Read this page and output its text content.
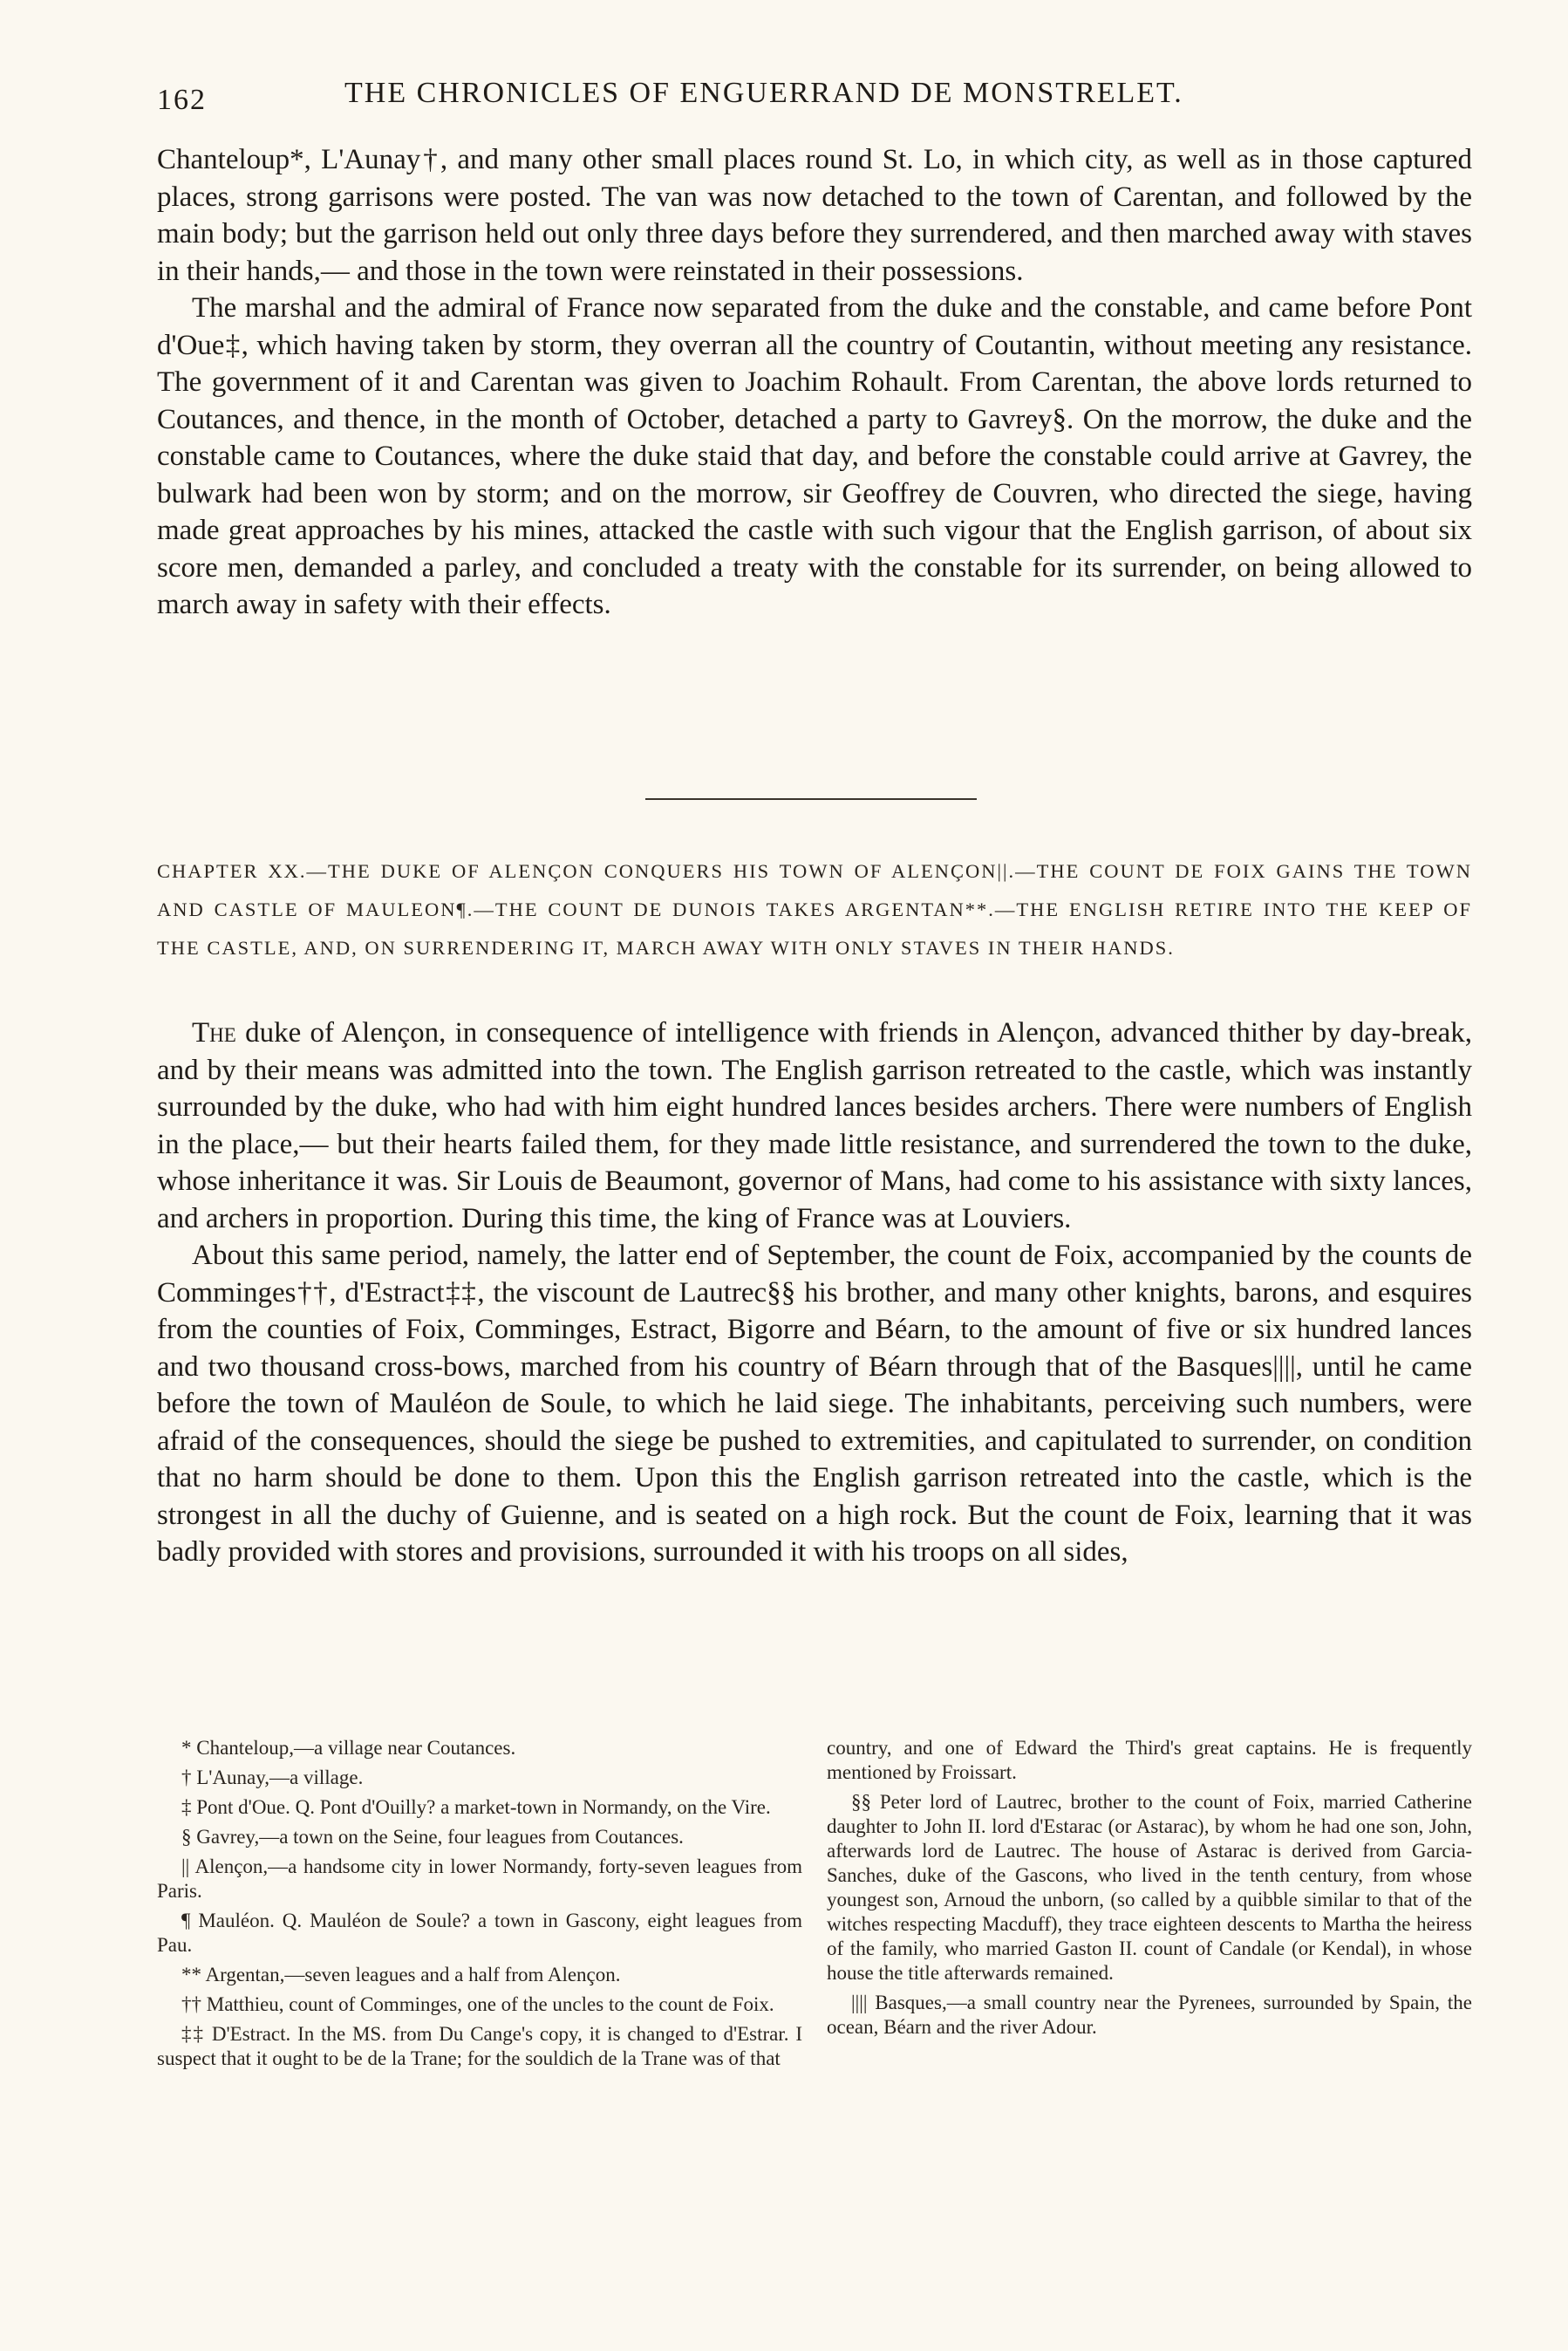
162	THE CHRONICLES OF ENGUERRAND DE MONSTRELET.

Chanteloup*, L'Aunay†, and many other small places round St. Lo, in which city, as well as in those captured places, strong garrisons were posted. The van was now detached to the town of Carentan, and followed by the main body; but the garrison held out only three days before they surrendered, and then marched away with staves in their hands,— and those in the town were reinstated in their possessions.

The marshal and the admiral of France now separated from the duke and the constable, and came before Pont d'Oue‡, which having taken by storm, they overran all the country of Coutantin, without meeting any resistance. The government of it and Carentan was given to Joachim Rohault. From Carentan, the above lords returned to Coutances, and thence, in the month of October, detached a party to Gavrey§. On the morrow, the duke and the constable came to Coutances, where the duke staid that day, and before the constable could arrive at Gavrey, the bulwark had been won by storm; and on the morrow, sir Geoffrey de Couvren, who directed the siege, having made great approaches by his mines, attacked the castle with such vigour that the English garrison, of about six score men, demanded a parley, and concluded a treaty with the constable for its surrender, on being allowed to march away in safety with their effects.

CHAPTER XX.—THE DUKE OF ALENÇON CONQUERS HIS TOWN OF ALENÇON||.—THE COUNT DE FOIX GAINS THE TOWN AND CASTLE OF MAULEON¶.—THE COUNT DE DUNOIS TAKES ARGENTAN**.—THE ENGLISH RETIRE INTO THE KEEP OF THE CASTLE, AND, ON SURRENDERING IT, MARCH AWAY WITH ONLY STAVES IN THEIR HANDS.

The duke of Alençon, in consequence of intelligence with friends in Alençon, advanced thither by day-break, and by their means was admitted into the town. The English garrison retreated to the castle, which was instantly surrounded by the duke, who had with him eight hundred lances besides archers. There were numbers of English in the place,— but their hearts failed them, for they made little resistance, and surrendered the town to the duke, whose inheritance it was. Sir Louis de Beaumont, governor of Mans, had come to his assistance with sixty lances, and archers in proportion. During this time, the king of France was at Louviers.

About this same period, namely, the latter end of September, the count de Foix, accompanied by the counts de Comminges††, d'Estract‡‡, the viscount de Lautrec§§ his brother, and many other knights, barons, and esquires from the counties of Foix, Comminges, Estract, Bigorre and Béarn, to the amount of five or six hundred lances and two thousand cross-bows, marched from his country of Béarn through that of the Basques||||, until he came before the town of Mauléon de Soule, to which he laid siege. The inhabitants, perceiving such numbers, were afraid of the consequences, should the siege be pushed to extremities, and capitulated to surrender, on condition that no harm should be done to them. Upon this the English garrison retreated into the castle, which is the strongest in all the duchy of Guienne, and is seated on a high rock. But the count de Foix, learning that it was badly provided with stores and provisions, surrounded it with his troops on all sides,

* Chanteloup,—a village near Coutances.

† L'Aunay,—a village.

‡ Pont d'Oue. Q. Pont d'Ouilly? a market-town in Normandy, on the Vire.

§ Gavrey,—a town on the Seine, four leagues from Coutances.

|| Alençon,—a handsome city in lower Normandy, forty-seven leagues from Paris.

¶ Mauléon. Q. Mauléon de Soule? a town in Gascony, eight leagues from Pau.

** Argentan,—seven leagues and a half from Alençon.

†† Matthieu, count of Comminges, one of the uncles to the count de Foix.

‡‡ D'Estract. In the MS. from Du Cange's copy, it is changed to d'Estrar. I suspect that it ought to be de la Trane; for the souldich de la Trane was of that

country, and one of Edward the Third's great captains. He is frequently mentioned by Froissart.

§§ Peter lord of Lautrec, brother to the count of Foix, married Catherine daughter to John II. lord d'Estarac (or Astarac), by whom he had one son, John, afterwards lord de Lautrec. The house of Astarac is derived from Garcia-Sanches, duke of the Gascons, who lived in the tenth century, from whose youngest son, Arnoud the unborn, (so called by a quibble similar to that of the witches respecting Macduff), they trace eighteen descents to Martha the heiress of the family, who married Gaston II. count of Candale (or Kendal), in whose house the title afterwards remained.

|||| Basques,—a small country near the Pyrenees, surrounded by Spain, the ocean, Béarn and the river Adour.
